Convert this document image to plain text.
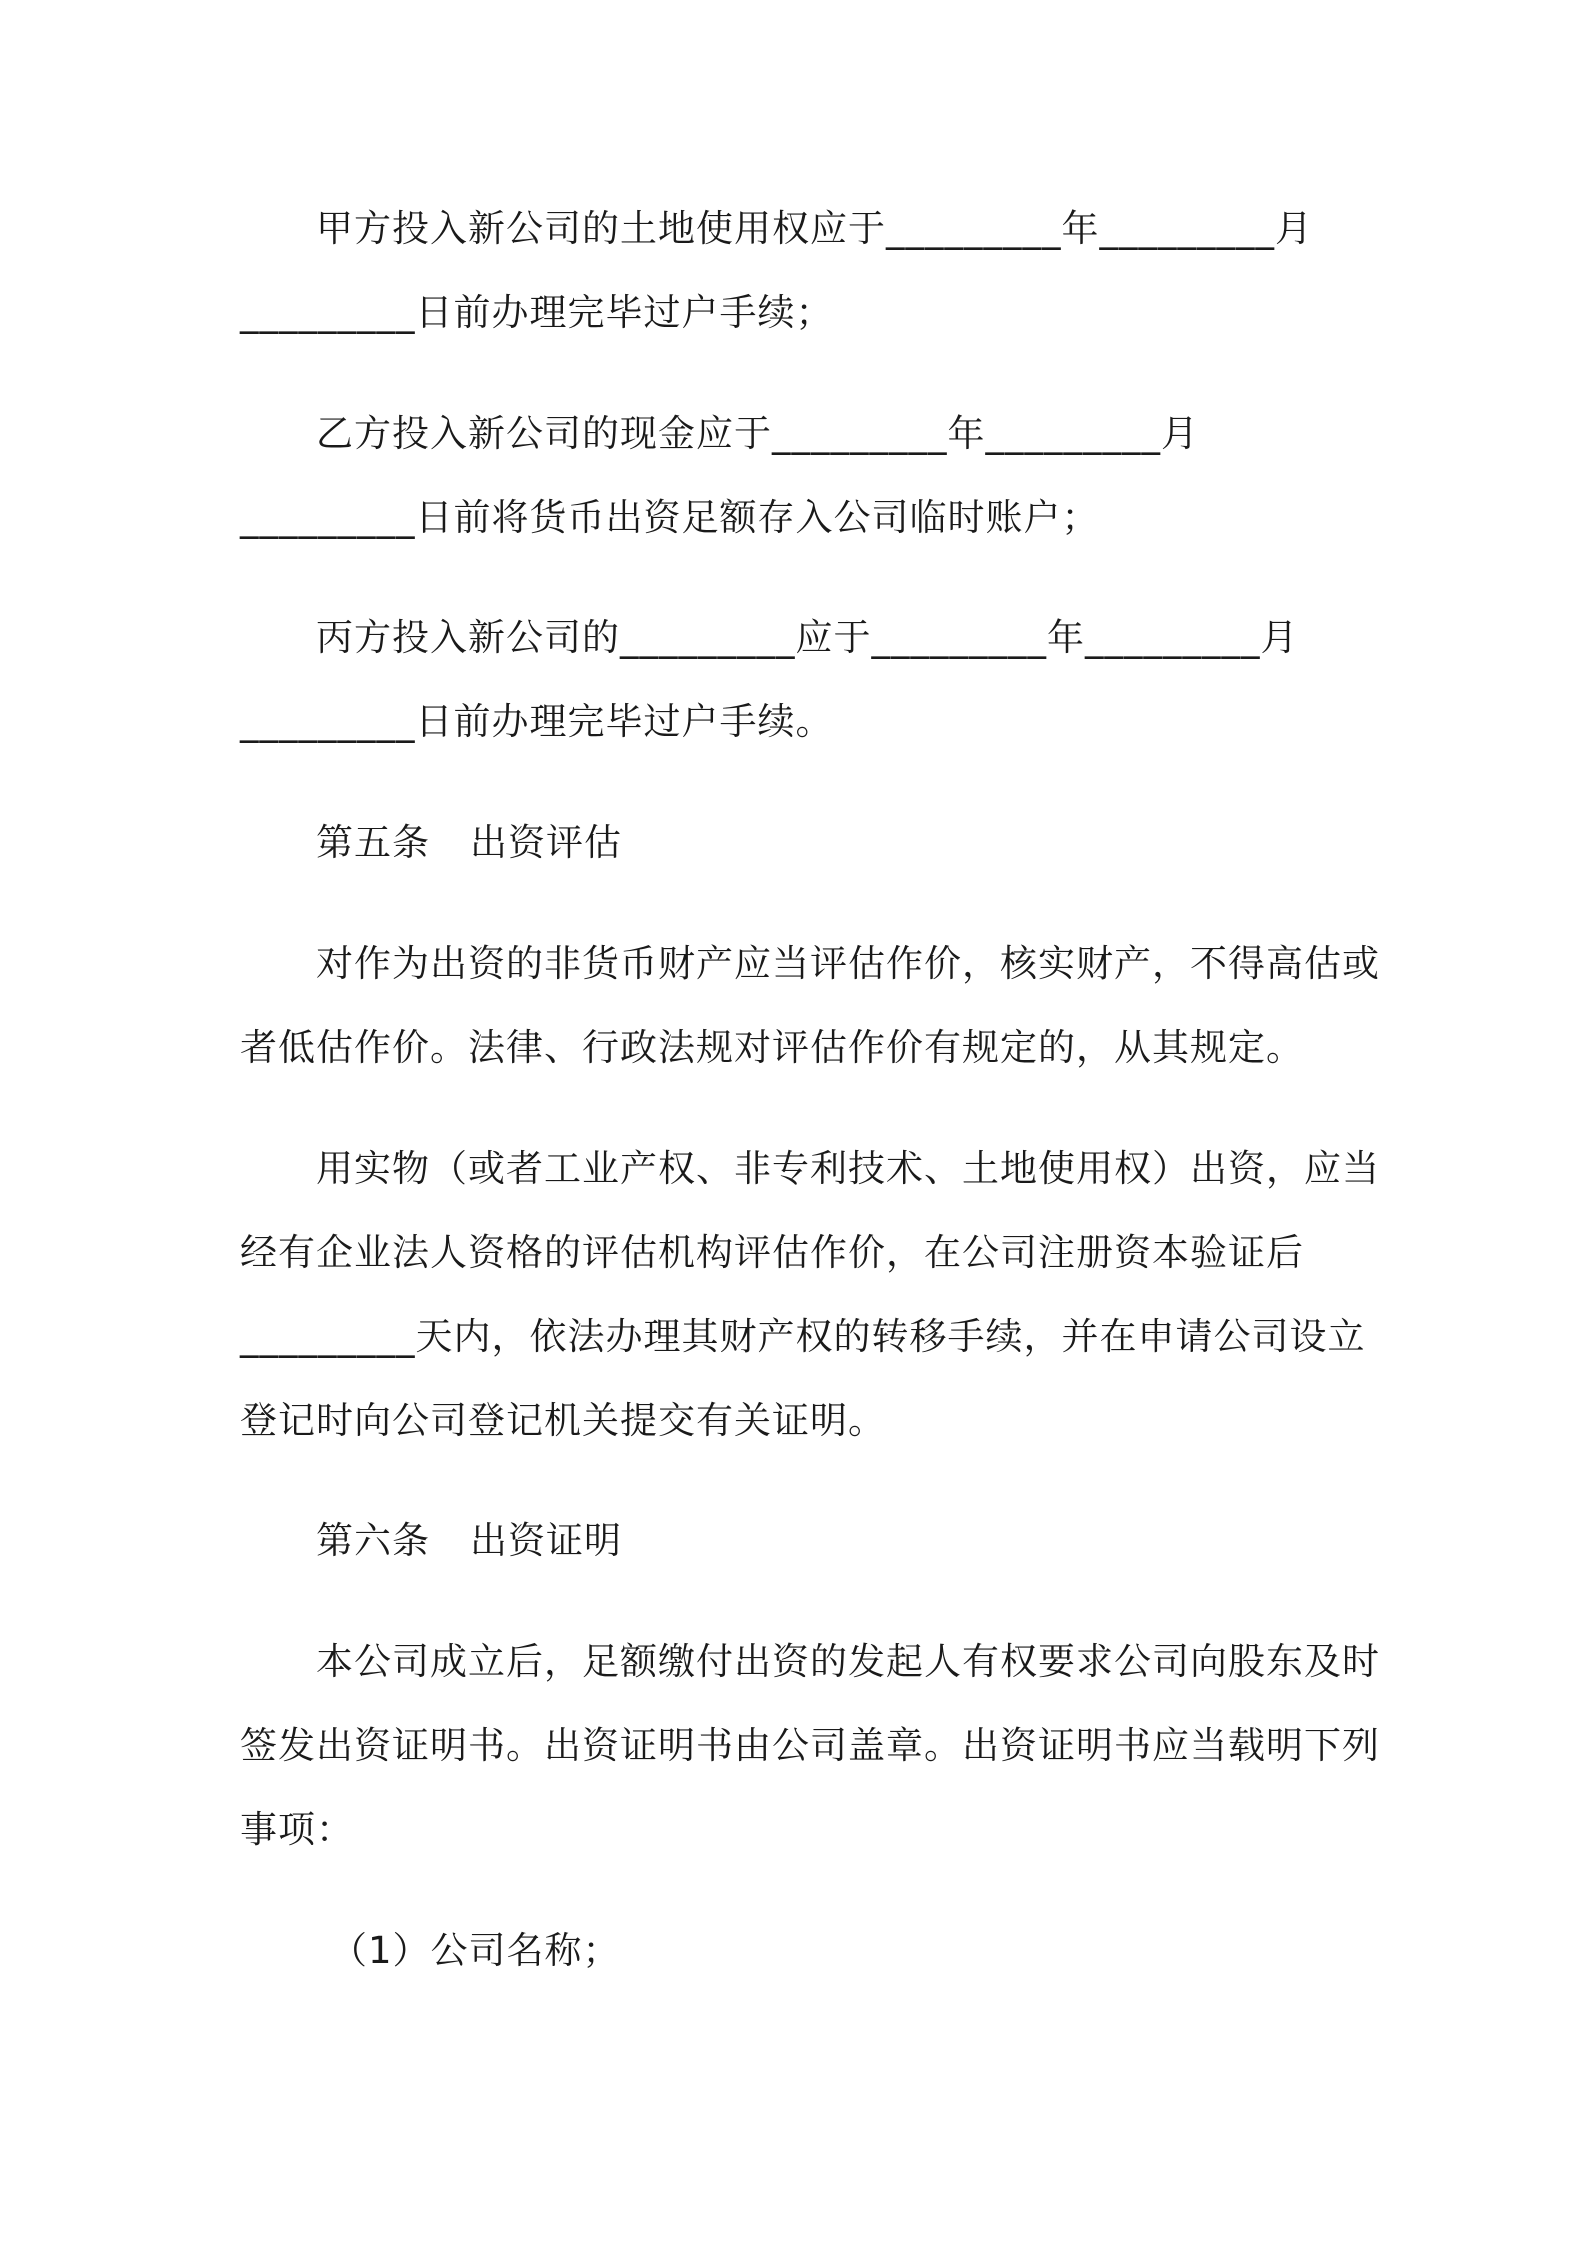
甲方投入新公司的土地使用权应于_________年_________月
_________日前办理完毕过户手续；
乙方投入新公司的现金应于_________年_________月
_________日前将货币出资足额存入公司临时账户；
丙方投入新公司的_________应于_________年_________月
_________日前办理完毕过户手续。
第五条 出资评估
对作为出资的非货币财产应当评估作价，核实财产，不得高估或
者低估作价。法律、行政法规对评估作价有规定的，从其规定。
用实物（或者工业产权、非专利技术、土地使用权）出资，应当
经有企业法人资格的评估机构评估作价，在公司注册资本验证后
_________天内，依法办理其财产权的转移手续，并在申请公司设立
登记时向公司登记机关提交有关证明。
第六条 出资证明
本公司成立后，足额缴付出资的发起人有权要求公司向股东及时
签发出资证明书。出资证明书由公司盖章。出资证明书应当载明下列
事项：
（1）公司名称；
